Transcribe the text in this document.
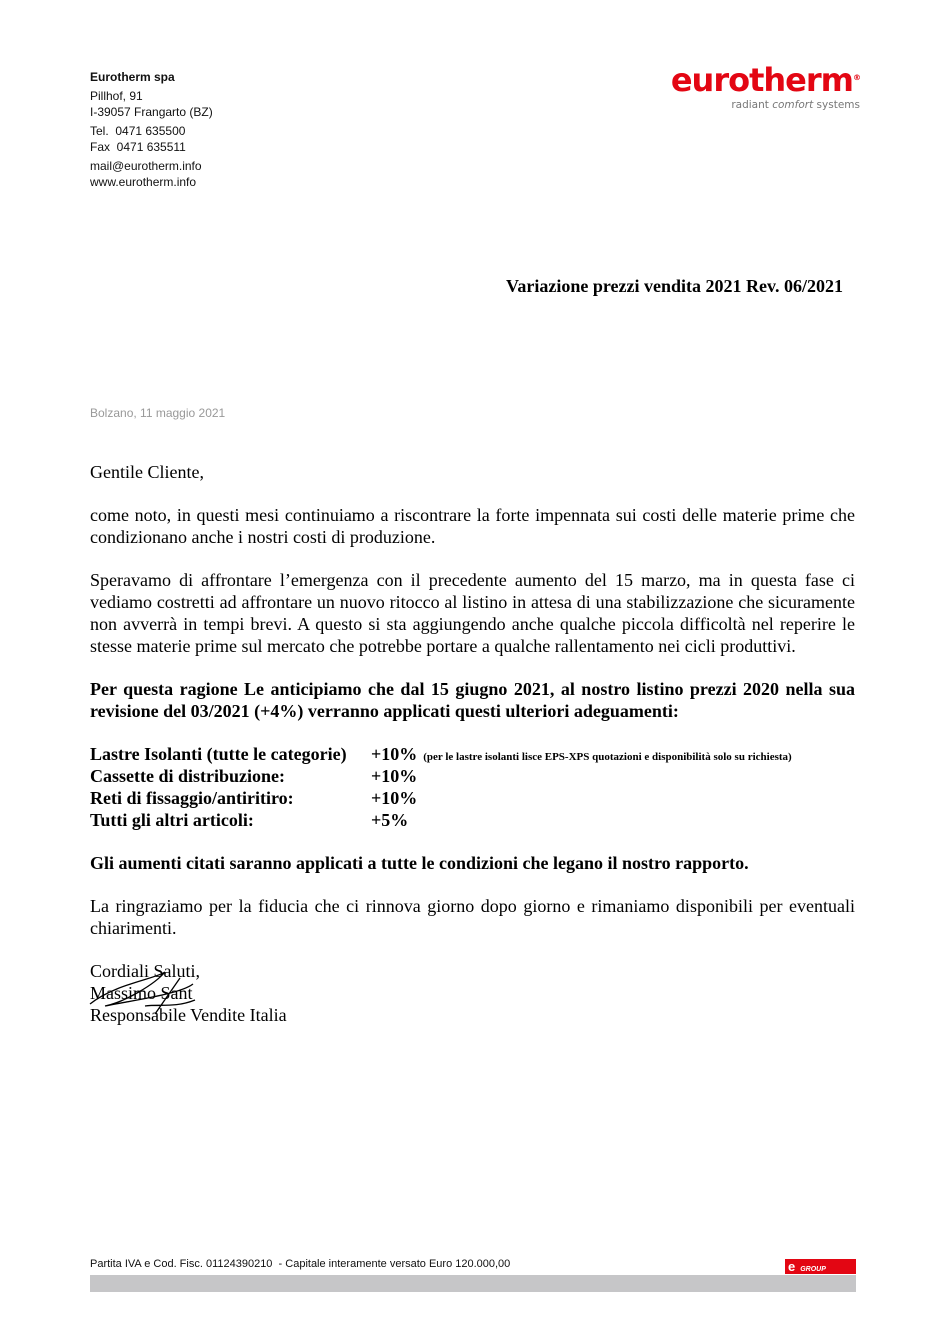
Eurotherm spa
Pillhof, 91
I-39057 Frangarto (BZ)
Tel.  0471 635500
Fax  0471 635511
mail@eurotherm.info
www.eurotherm.info
eurotherm®
radiant comfort systems
Variazione prezzi vendita 2021 Rev. 06/2021
Bolzano, 11 maggio 2021
Gentile Cliente,
come noto, in questi mesi continuiamo a riscontrare la forte impennata sui costi delle materie prime che condizionano anche i nostri costi di produzione.
Speravamo di affrontare l’emergenza con il precedente aumento del 15 marzo, ma in questa fase ci vediamo costretti ad affrontare un nuovo ritocco al listino in attesa di una stabilizzazione che sicuramente non avverrà in tempi brevi. A questo si sta aggiungendo anche qualche piccola difficoltà nel reperire le stesse materie prime sul mercato che potrebbe portare a qualche rallentamento nei cicli produttivi.
Per questa ragione Le anticipiamo che dal 15 giugno 2021, al nostro listino prezzi 2020 nella sua revisione del 03/2021 (+4%) verranno applicati questi ulteriori adeguamenti:
Lastre Isolanti (tutte le categorie)	+10% (per le lastre isolanti lisce EPS-XPS quotazioni e disponibilità solo su richiesta)
Cassette di distribuzione:	+10%
Reti di fissaggio/antiritiro:	+10%
Tutti gli altri articoli:	+5%
Gli aumenti citati saranno applicati a tutte le condizioni che legano il nostro rapporto.
La ringraziamo per la fiducia che ci rinnova giorno dopo giorno e rimaniamo disponibili per eventuali chiarimenti.
Cordiali Saluti,
Massimo Sant
Responsabile Vendite Italia
Partita IVA e Cod. Fisc. 01124390210  - Capitale interamente versato Euro 120.000,00	eGROUP
